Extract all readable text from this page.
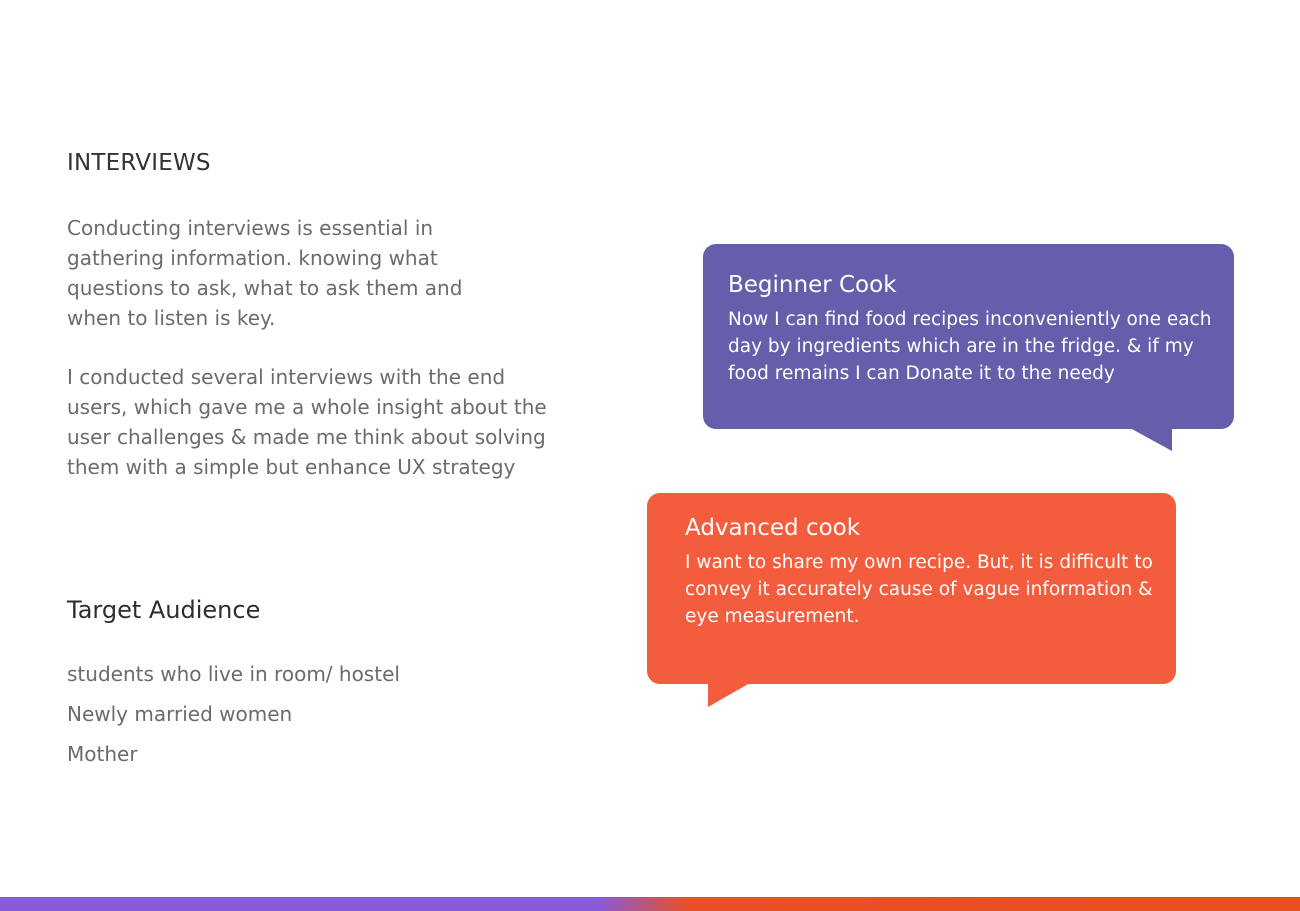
INTERVIEWS

Conducting interviews is essential in gathering information. knowing what questions to ask, what to ask them and when to listen is key.

I conducted several interviews with the end users, which gave me a whole insight about the user challenges & made me think about solving them with a simple but enhance UX strategy

Target Audience
students who live in room/ hostel
Newly married women
Mother
Beginner Cook

Now I can find food recipes inconveniently one each day by ingredients which are in the fridge. & if my food remains I can Donate it to the needy

Advanced cook

I want to share my own recipe. But, it is difficult to convey it accurately cause of vague information & eye measurement.
